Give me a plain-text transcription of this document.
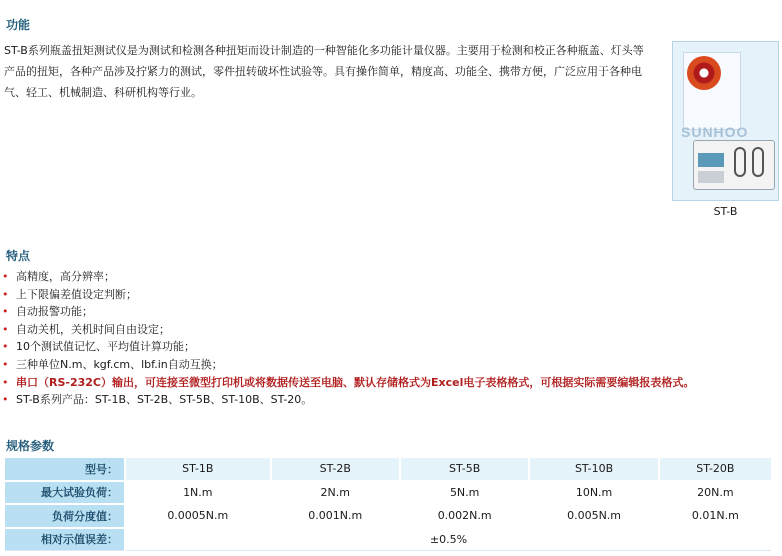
功能

ST-B系列瓶盖扭矩测试仪是为测试和检测各种扭矩而设计制造的一种智能化多功能计量仪器。主要用于检测和校正各种瓶盖、灯头等产品的扭矩，各种产品涉及拧紧力的测试，零件扭转破坏性试验等。具有操作简单，精度高、功能全、携带方便，广泛应用于各种电气、轻工、机械制造、科研机构等行业。

SUNHOO
ST-B
特点
• 高精度，高分辨率；
• 上下限偏差值设定判断；
• 自动报警功能；
• 自动关机，关机时间自由设定；
• 10个测试值记忆、平均值计算功能；
• 三种单位N.m、kgf.cm、lbf.in自动互换；
• 串口（RS-232C）输出，可连接至微型打印机或将数据传送至电脑、默认存储格式为Excel电子表格格式，可根据实际需要编辑报表格式。
• ST-B系列产品：ST-1B、ST-2B、ST-5B、ST-10B、ST-20。
规格参数
型号：	ST-1B	ST-2B	ST-5B	ST-10B	ST-20B
最大试验负荷：	1N.m	2N.m	5N.m	10N.m	20N.m
负荷分度值：	0.0005N.m	0.001N.m	0.002N.m	0.005N.m	0.01N.m
相对示值误差：	±0.5%				
